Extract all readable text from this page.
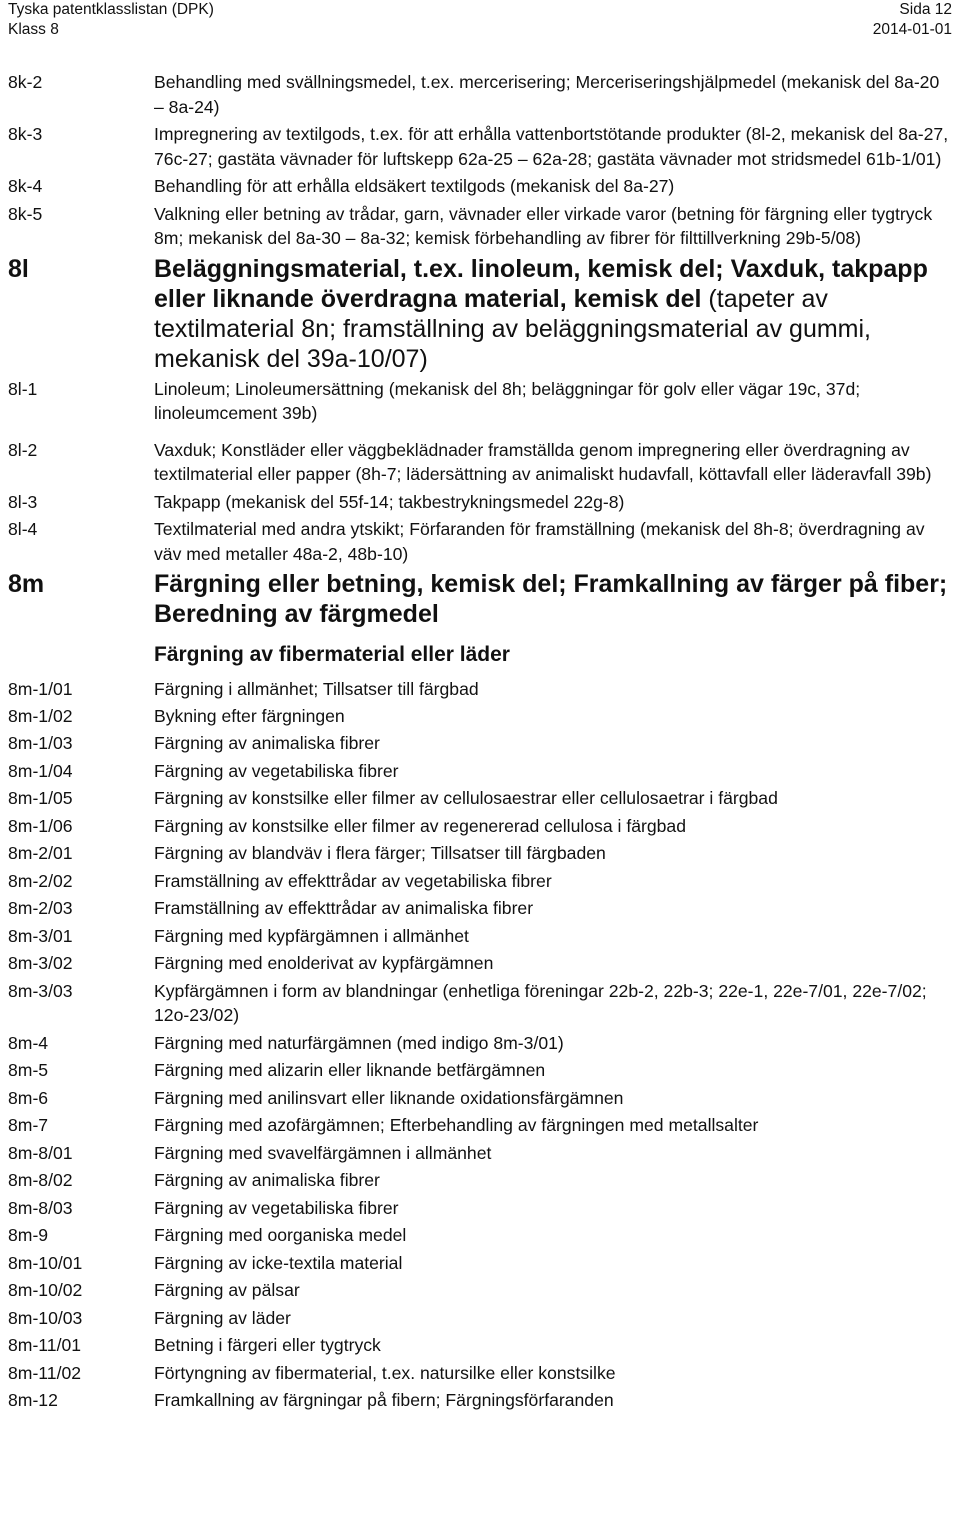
Tyska patentklasslistan (DPK)	Sida 12
Klass 8	2014-01-01
8k-2	Behandling med svällningsmedel, t.ex. mercerisering; Merceriseringshjälpmedel (mekanisk del 8a-20 – 8a-24)
8k-3	Impregnering av textilgods, t.ex. för att erhålla vattenbortstötande produkter (8l-2, mekanisk del 8a-27, 76c-27; gastäta vävnader för luftskepp 62a-25 – 62a-28; gastäta vävnader mot stridsmedel 61b-1/01)
8k-4	Behandling för att erhålla eldsäkert textilgods (mekanisk del 8a-27)
8k-5	Valkning eller betning av trådar, garn, vävnader eller virkade varor (betning för färgning eller tygtryck 8m; mekanisk del 8a-30 – 8a-32; kemisk förbehandling av fibrer för filttillverkning 29b-5/08)
8l	Beläggningsmaterial, t.ex. linoleum, kemisk del; Vaxduk, takpapp eller liknande överdragna material, kemisk del (tapeter av textilmaterial 8n; framställning av beläggningsmaterial av gummi, mekanisk del 39a-10/07)
8l-1	Linoleum; Linoleumersättning (mekanisk del 8h; beläggningar för golv eller vägar 19c, 37d; linoleumcement 39b)
8l-2	Vaxduk; Konstläder eller väggbeklädnader framställda genom impregnering eller överdragning av textilmaterial eller papper (8h-7; lädersättning av animaliskt hudavfall, köttavfall eller läderavfall 39b)
8l-3	Takpapp (mekanisk del 55f-14; takbestrykningsmedel 22g-8)
8l-4	Textilmaterial med andra ytskikt; Förfaranden för framställning (mekanisk del 8h-8; överdragning av väv med metaller 48a-2, 48b-10)
8m	Färgning eller betning, kemisk del; Framkallning av färger på fiber; Beredning av färgmedel
Färgning av fibermaterial eller läder
8m-1/01	Färgning i allmänhet; Tillsatser till färgbad
8m-1/02	Bykning efter färgningen
8m-1/03	Färgning av animaliska fibrer
8m-1/04	Färgning av vegetabiliska fibrer
8m-1/05	Färgning av konstsilke eller filmer av cellulosaestrar eller cellulosaetrar i färgbad
8m-1/06	Färgning av konstsilke eller filmer av regenererad cellulosa i färgbad
8m-2/01	Färgning av blandväv i flera färger; Tillsatser till färgbaden
8m-2/02	Framställning av effekttrådar av vegetabiliska fibrer
8m-2/03	Framställning av effekttrådar av animaliska fibrer
8m-3/01	Färgning med kypfärgämnen i allmänhet
8m-3/02	Färgning med enolderivat av kypfärgämnen
8m-3/03	Kypfärgämnen i form av blandningar (enhetliga föreningar 22b-2, 22b-3; 22e-1, 22e-7/01, 22e-7/02; 12o-23/02)
8m-4	Färgning med naturfärgämnen (med indigo 8m-3/01)
8m-5	Färgning med alizarin eller liknande betfärgämnen
8m-6	Färgning med anilinsvart eller liknande oxidationsfärgämnen
8m-7	Färgning med azofärgämnen; Efterbehandling av färgningen med metallsalter
8m-8/01	Färgning med svavelfärgämnen i allmänhet
8m-8/02	Färgning av animaliska fibrer
8m-8/03	Färgning av vegetabiliska fibrer
8m-9	Färgning med oorganiska medel
8m-10/01	Färgning av icke-textila material
8m-10/02	Färgning av pälsar
8m-10/03	Färgning av läder
8m-11/01	Betning i färgeri eller tygtryck
8m-11/02	Förtyngning av fibermaterial, t.ex. natursilke eller konstsilke
8m-12	Framkallning av färgningar på fibern; Färgningsförfaranden
